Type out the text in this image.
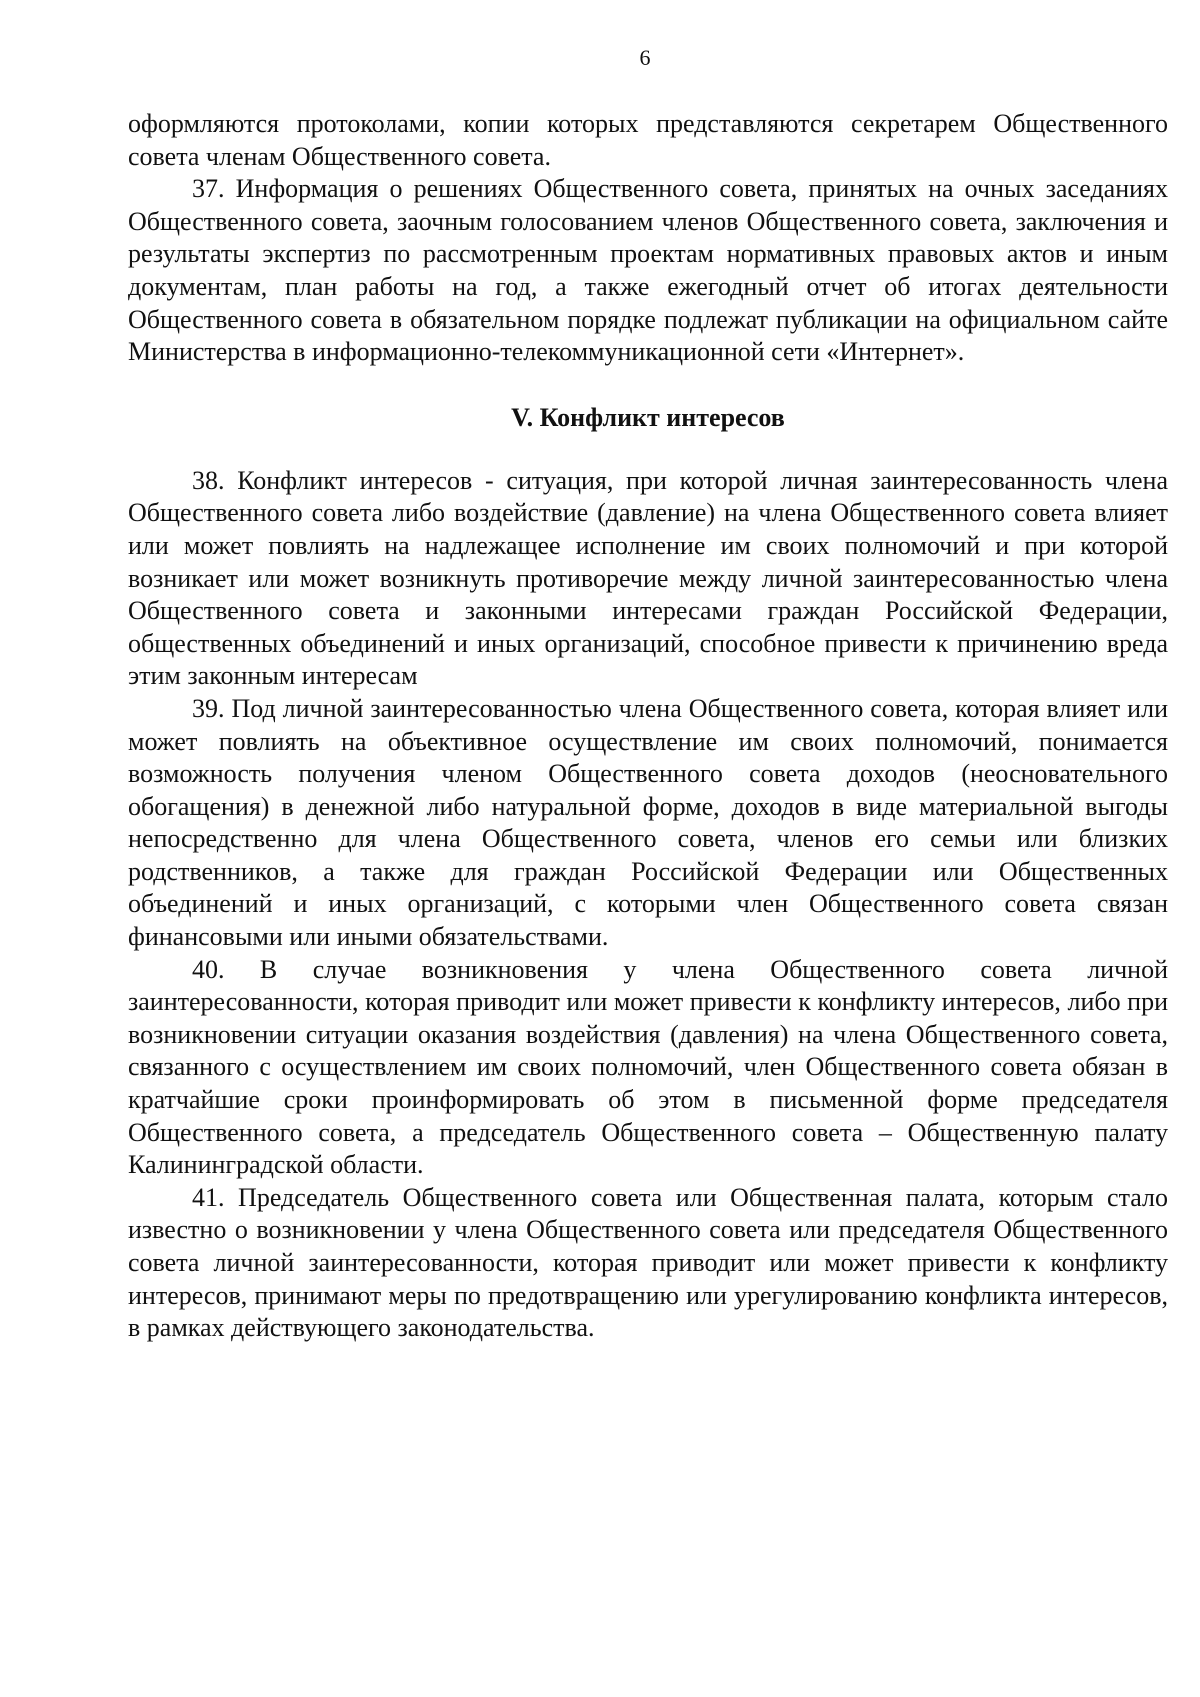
6

оформляются протоколами, копии которых представляются секретарем Общественного совета членам Общественного совета.

37. Информация о решениях Общественного совета, принятых на очных заседаниях Общественного совета, заочным голосованием членов Общественного совета, заключения и результаты экспертиз по рассмотренным проектам нормативных правовых актов и иным документам, план работы на год, а также ежегодный отчет об итогах деятельности Общественного совета в обязательном порядке подлежат публикации на официальном сайте Министерства в информационно-телекоммуникационной сети «Интернет».

V. Конфликт интересов

38. Конфликт интересов - ситуация, при которой личная заинтересованность члена Общественного совета либо воздействие (давление) на члена Общественного совета влияет или может повлиять на надлежащее исполнение им своих полномочий и при которой возникает или может возникнуть противоречие между личной заинтересованностью члена Общественного совета и законными интересами граждан Российской Федерации, общественных объединений и иных организаций, способное привести к причинению вреда этим законным интересам

39. Под личной заинтересованностью члена Общественного совета, которая влияет или может повлиять на объективное осуществление им своих полномочий, понимается возможность получения членом Общественного совета доходов (неосновательного обогащения) в денежной либо натуральной форме, доходов в виде материальной выгоды непосредственно для члена Общественного совета, членов его семьи или близких родственников, а также для граждан Российской Федерации или Общественных объединений и иных организаций, с которыми член Общественного совета связан финансовыми или иными обязательствами.

40. В случае возникновения у члена Общественного совета личной заинтересованности, которая приводит или может привести к конфликту интересов, либо при возникновении ситуации оказания воздействия (давления) на члена Общественного совета, связанного с осуществлением им своих полномочий, член Общественного совета обязан в кратчайшие сроки проинформировать об этом в письменной форме председателя Общественного совета, а председатель Общественного совета – Общественную палату Калининградской области.

41. Председатель Общественного совета или Общественная палата, которым стало известно о возникновении у члена Общественного совета или председателя Общественного совета личной заинтересованности, которая приводит или может привести к конфликту интересов, принимают меры по предотвращению или урегулированию конфликта интересов, в рамках действующего законодательства.
